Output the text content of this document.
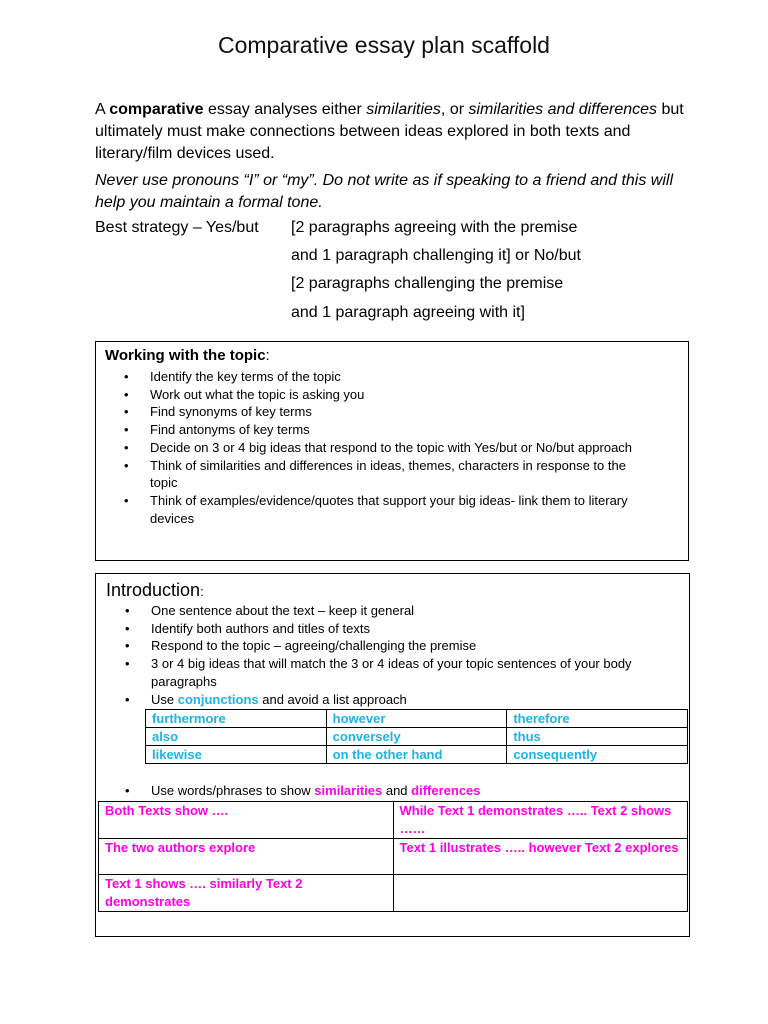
Comparative essay plan scaffold

A comparative essay analyses either similarities, or similarities and differences but ultimately must make connections between ideas explored in both texts and literary/film devices used.

Never use pronouns “I” or “my”. Do not write as if speaking to a friend and this will help you maintain a formal tone.

Best strategy – Yes/but [2 paragraphs agreeing with the premise
and 1 paragraph challenging it] or No/but
[2 paragraphs challenging the premise
and 1 paragraph agreeing with it]
Working with the topic:
• Identify the key terms of the topic
• Work out what the topic is asking you
• Find synonyms of key terms
• Find antonyms of key terms
• Decide on 3 or 4 big ideas that respond to the topic with Yes/but or No/but approach
• Think of similarities and differences in ideas, themes, characters in response to the topic
• Think of examples/evidence/quotes that support your big ideas- link them to literary devices
Introduction:
• One sentence about the text – keep it general
• Identify both authors and titles of texts
• Respond to the topic – agreeing/challenging the premise
• 3 or 4 big ideas that will match the 3 or 4 ideas of your topic sentences of your body paragraphs
• Use conjunctions and avoid a list approach
furthermore	however	therefore
also	conversely	thus
likewise	on the other hand	consequently
• Use words/phrases to show similarities and differences
Both Texts show ….	While Text 1 demonstrates ….. Text 2 shows ……
The two authors explore	Text 1 illustrates ….. however Text 2 explores
Text 1 shows …. similarly Text 2 demonstrates	
